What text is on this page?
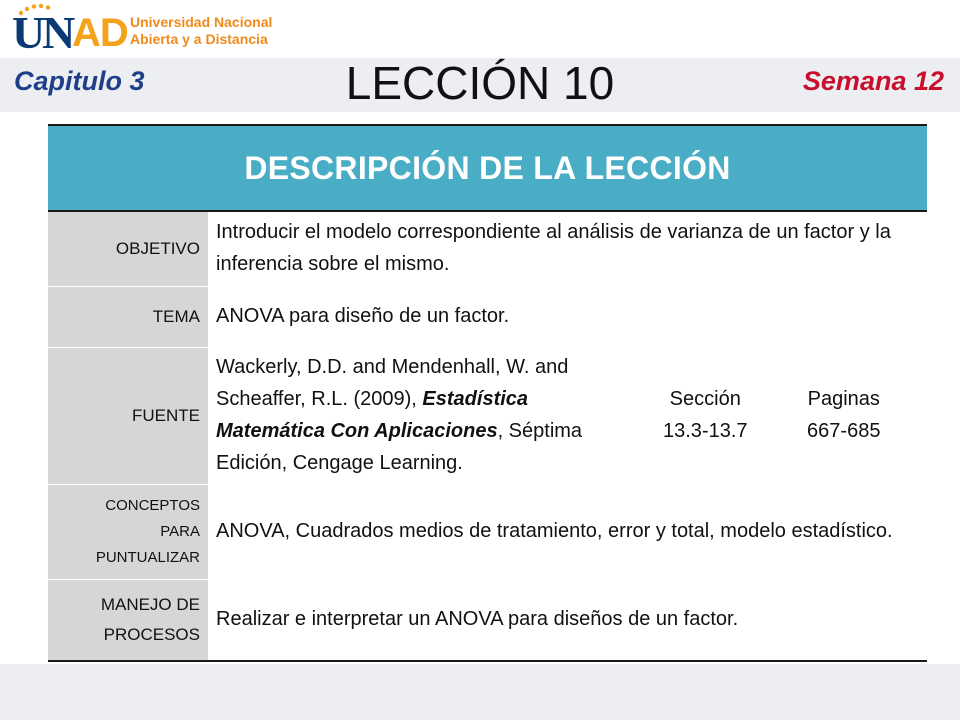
U
N
AD Universidad Nacional
Abierta y a Distancia
Capitulo 3	LECCIÓN 10	Semana 12
DESCRIPCIÓN DE LA LECCIÓN
OBJETIVO
Introducir el modelo correspondiente al análisis de varianza de un factor y la inferencia sobre el mismo.
TEMA ANOVA para diseño de un factor.
FUENTE
Wackerly, D.D. and Mendenhall, W. and Scheaffer, R.L. (2009), Estadística Matemática Con Aplicaciones, Séptima Edición, Cengage Learning.
Sección
13.3-13.7
Paginas
667-685
CONCEPTOS
PARA
PUNTUALIZAR
ANOVA, Cuadrados medios de tratamiento, error y total, modelo estadístico.
MANEJO DE
PROCESOS
Realizar e interpretar un ANOVA para diseños de un factor.
